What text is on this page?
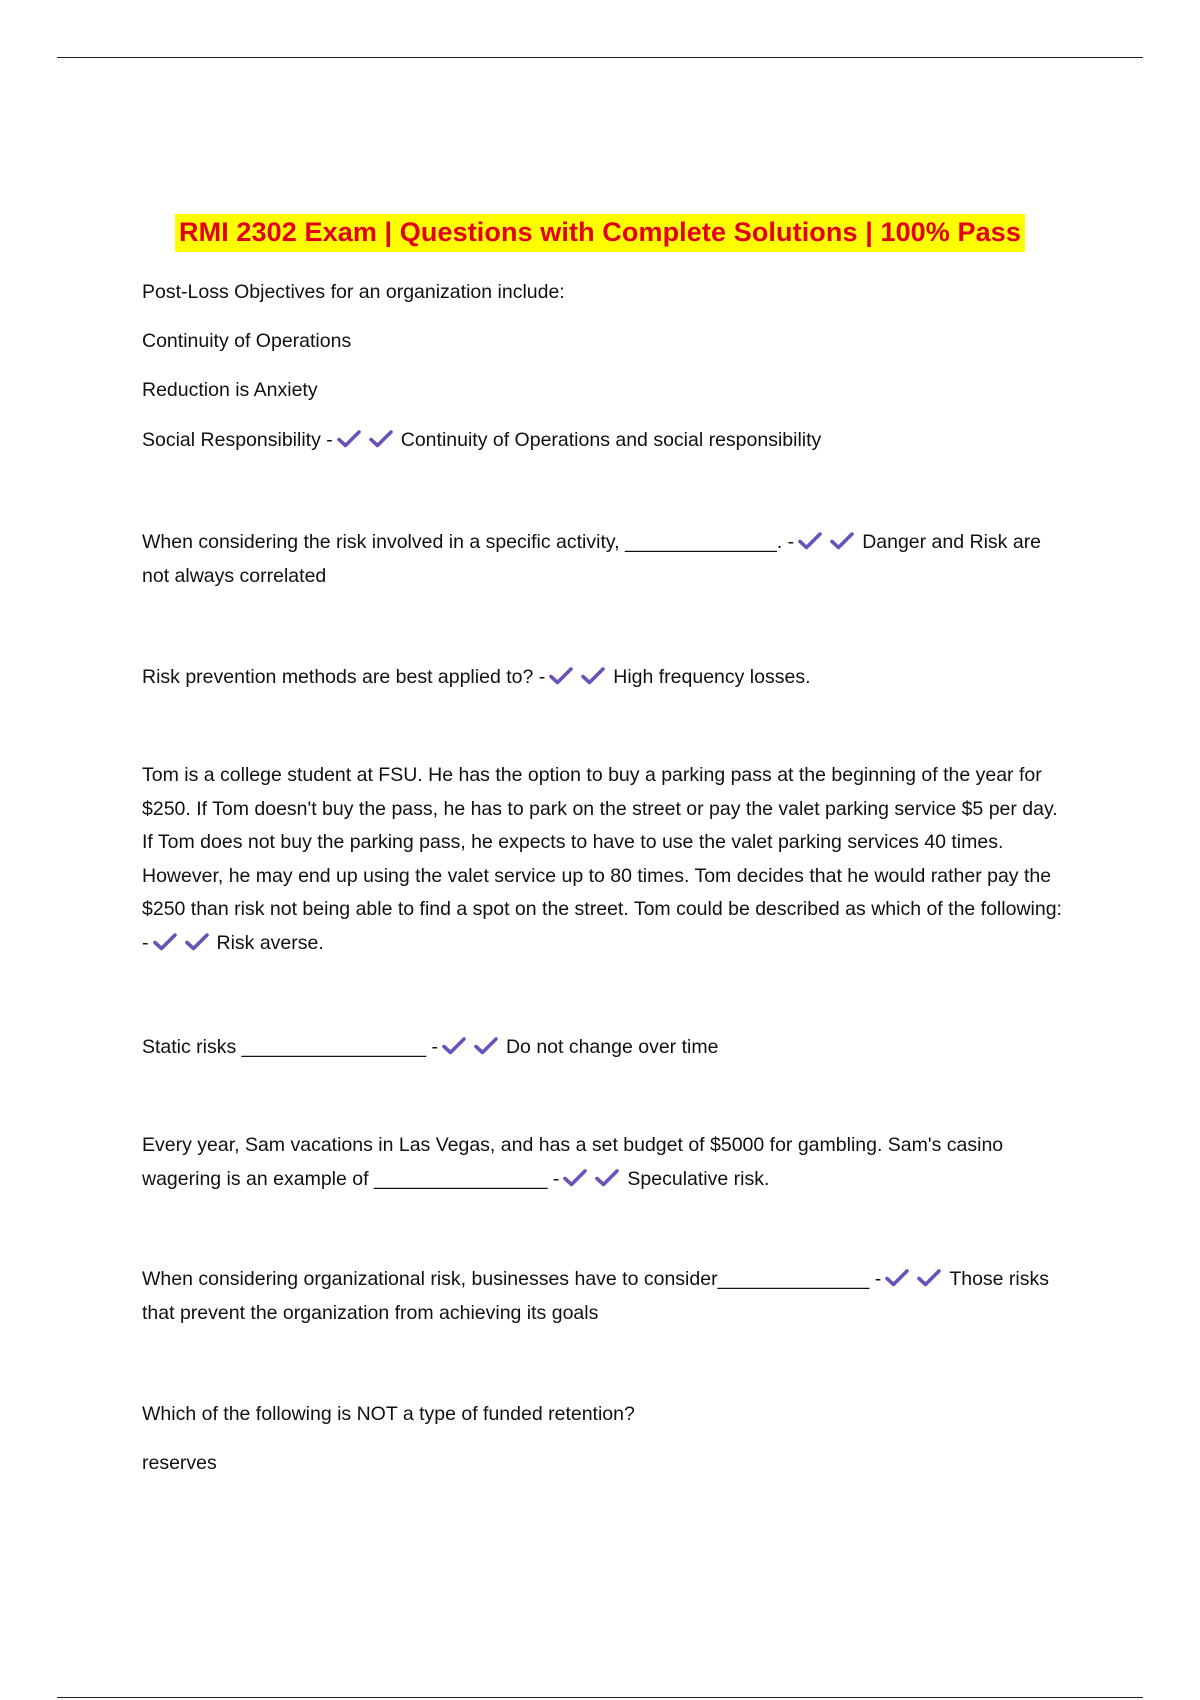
RMI 2302 Exam | Questions with Complete Solutions | 100% Pass
Post-Loss Objectives for an organization include:
Continuity of Operations
Reduction is Anxiety
Social Responsibility -	Continuity of Operations and social responsibility
When considering the risk involved in a specific activity, ______________. -	Danger and Risk are not always correlated
Risk prevention methods are best applied to? -	High frequency losses.
Tom is a college student at FSU. He has the option to buy a parking pass at the beginning of the year for $250. If Tom doesn't buy the pass, he has to park on the street or pay the valet parking service $5 per day. If Tom does not buy the parking pass, he expects to have to use the valet parking services 40 times. However, he may end up using the valet service up to 80 times. Tom decides that he would rather pay the $250 than risk not being able to find a spot on the street. Tom could be described as which of the following: -	Risk averse.
Static risks _________________ -	Do not change over time
Every year, Sam vacations in Las Vegas, and has a set budget of $5000 for gambling. Sam's casino wagering is an example of ________________ -	Speculative risk.
When considering organizational risk, businesses have to consider______________ -	Those risks that prevent the organization from achieving its goals
Which of the following is NOT a type of funded retention?
reserves
